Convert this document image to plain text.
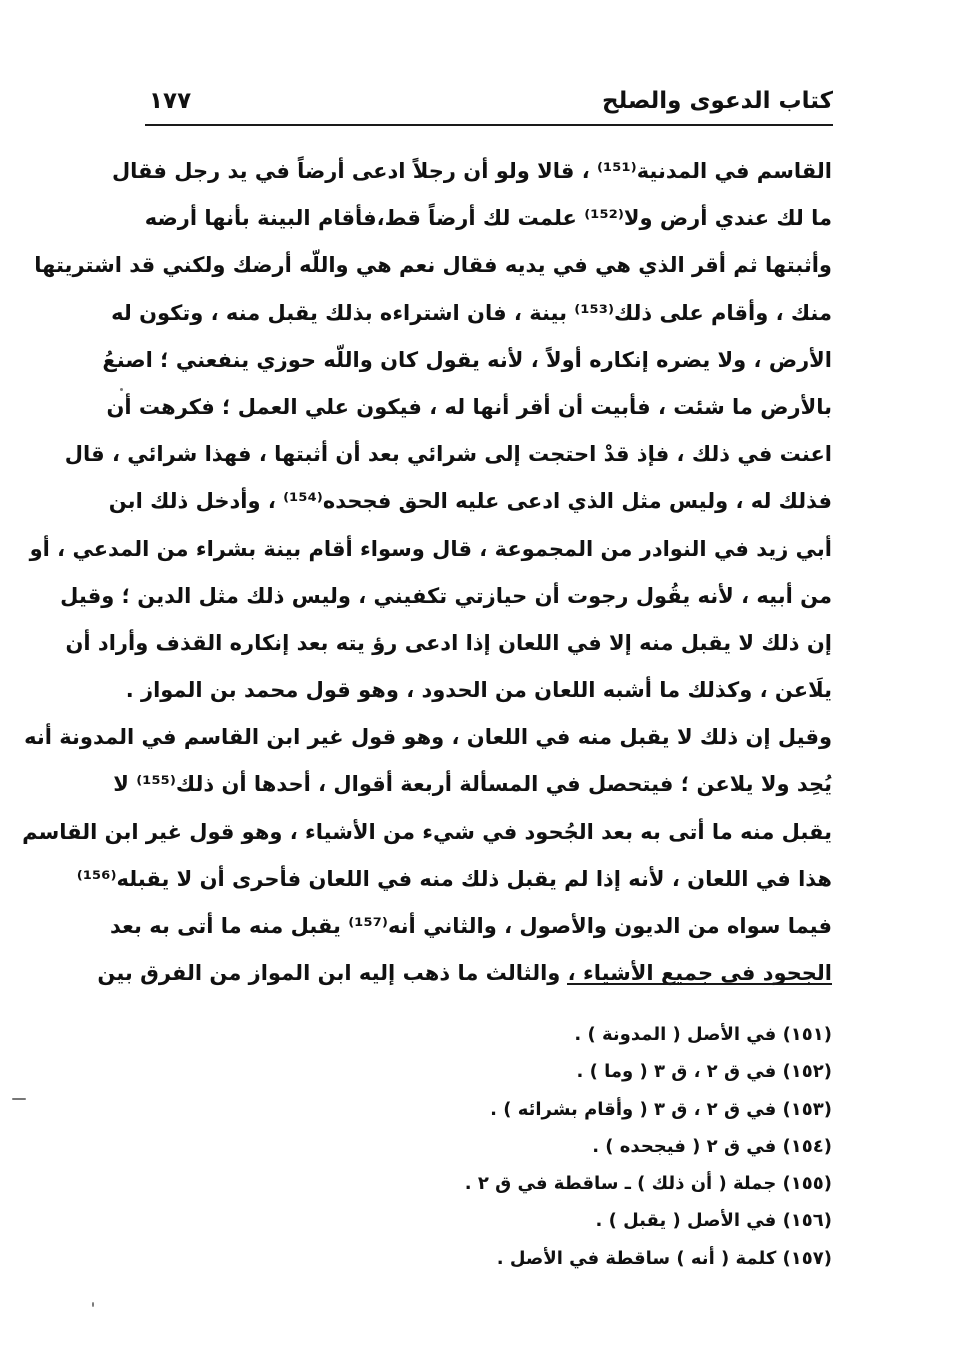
كتاب الدعوى والصلح
١٧٧
القاسم في المدنية⁽¹⁵¹⁾ ، قالا ولو أن رجلاً ادعى أرضاً في يد رجل فقال
ما لك عندي أرض ولا⁽¹⁵²⁾ علمت لك أرضاً قط،فأقام البينة بأنها أرضه
وأثبتها ثم أقر الذي هي في يديه فقال نعم هي واللّه أرضك ولكني قد اشتريتها
منك ، وأقام على ذلك⁽¹⁵³⁾ بينة ، فان اشتراءه بذلك يقبل منه ، وتكون له
الأرض ، ولا يضره إنكاره أولاً ، لأنه يقول كان واللّه حوزي ينفعني ؛ اصنعُ
بالأرض ما شئت ، فأبيت أن أقر أنها له ، فيكون علي العمل ؛ فكرهت أن
اعنت في ذلك ، فإذ قدْ احتجت إلى شرائي بعد أن أثبتها ، فهذا شرائي ، قال
فذلك له ، وليس مثل الذي ادعى عليه الحق فجحده⁽¹⁵⁴⁾ ، وأدخل ذلك ابن
أبي زيد في النوادر من المجموعة ، قال وسواء أقام بينة بشراء من المدعي ، أو
من أبيه ، لأنه يقُول رجوت أن حيازتي تكفيني ، وليس ذلك مثل الدين ؛ وقيل
إن ذلك لا يقبل منه إلا في اللعان إذا ادعى رؤ يته بعد إنكاره القذف وأراد أن
يلَاعن ، وكذلك ما أشبه اللعان من الحدود ، وهو قول محمد بن المواز .
وقيل إن ذلك لا يقبل منه في اللعان ، وهو قول غير ابن القاسم في المدونة أنه
يُحِد ولا يلاعن ؛ فيتحصل في المسألة أربعة أقوال ، أحدها أن ذلك⁽¹⁵⁵⁾ لا
يقبل منه ما أتى به بعد الجُحود في شيء من الأشياء ، وهو قول غير ابن القاسم
هذا في اللعان ، لأنه إذا لم يقبل ذلك منه في اللعان فأحرى أن لا يقبله⁽¹⁵⁶⁾
فيما سواه من الديون والأصول ، والثاني أنه⁽¹⁵⁷⁾ يقبل منه ما أتى به بعد
الجحود في جميع الأشياء ، والثالث ما ذهب إليه ابن المواز من الفرق بين
(١٥١) في الأصل ( المدونة ) .
(١٥٢) في ق ٢ ، ق ٣ ( وما ) .
(١٥٣) في ق ٢ ، ق ٣ ( وأقام بشرائه ) .
(١٥٤) في ق ٢ ( فيجحده ) .
(١٥٥) جملة ( أن ذلك ) ـ ساقطة في ق ٢ .
(١٥٦) في الأصل ( يقبل ) .
(١٥٧) كلمة ( أنه ) ساقطة في الأصل .
